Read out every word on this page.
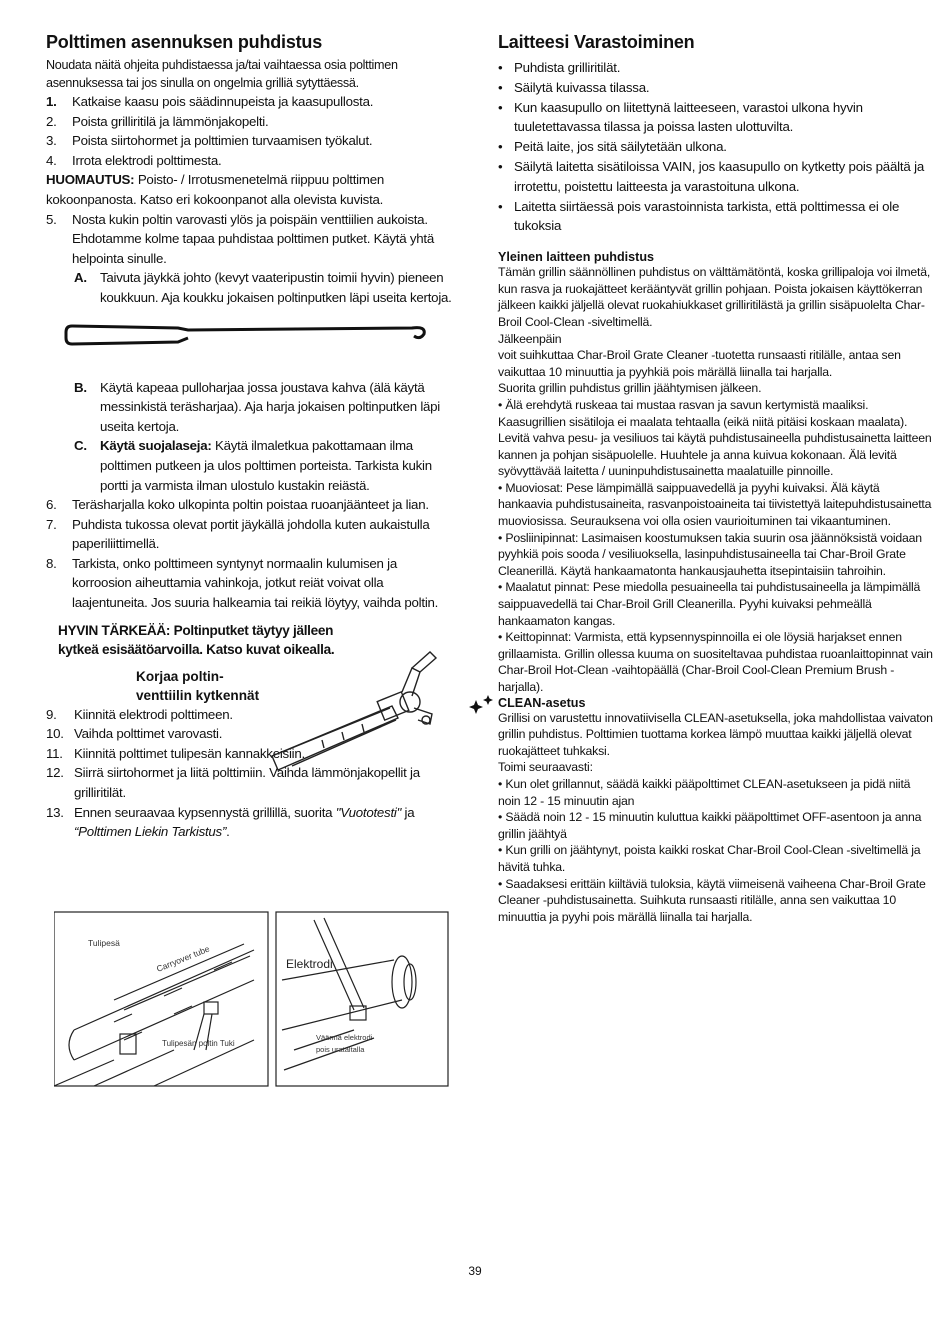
Polttimen asennuksen puhdistus
Noudata näitä ohjeita puhdistaessa ja/tai vaihtaessa osia polttimen asennuksessa tai jos sinulla on ongelmia grilliä sytyttäessä.
1.	Katkaise kaasu pois säädinnupeista ja kaasupullosta.
2.	Poista grilliritilä ja lämmönjakopelti.
3.	Poista siirtohormet ja polttimien turvaamisen työkalut.
4.	Irrota elektrodi polttimesta.
HUOMAUTUS: Poisto- / Irrotusmenetelmä riippuu polttimen kokoonpanosta. Katso eri kokoonpanot alla olevista kuvista.
5.	Nosta kukin poltin varovasti ylös ja poispäin venttiilien aukoista. Ehdotamme kolme tapaa puhdistaa polttimen putket. Käytä yhtä helpointa sinulle.
A. Taivuta jäykkä johto (kevyt vaateripustin toimii hyvin) pieneen koukkuun. Aja koukku jokaisen poltinputken läpi useita kertoja.
B. Käytä kapeaa pulloharjaa jossa joustava kahva (älä käytä messinkistä teräsharjaa). Aja harja jokaisen poltinputken läpi useita kertoja.
C. Käytä suojalaseja: Käytä ilmaletkua pakottamaan ilma polttimen putkeen ja ulos polttimen porteista. Tarkista kukin portti ja varmista ilman ulostulo kustakin reiästä.
6.	Teräsharjalla koko ulkopinta poltin poistaa ruoanjäänteet ja lian.
7.	Puhdista tukossa olevat portit jäykällä johdolla kuten aukaistulla paperiliittimellä.
8.	Tarkista, onko polttimeen syntynyt normaalin kulumisen ja korroosion aiheuttamia vahinkoja, jotkut reiät voivat olla laajentuneita. Jos suuria halkeamia tai reikiä löytyy, vaihda poltin.
HYVIN TÄRKEÄÄ: Poltinputket täytyy jälleen
kytkeä esisäätöarvoilla. Katso kuvat oikealla.
Korjaa poltin-
venttiilin kytkennät
9.	Kiinnitä elektrodi polttimeen.
10. Vaihda polttimet varovasti.
11. Kiinnitä polttimet tulipesän kannakkeisiin.
12. Siirrä siirtohormet ja liitä polttimiin. Vaihda lämmönjakopellit ja grilliritilät.
13. Ennen seuraavaa kypsennystä grillillä, suorita "Vuototesti" ja “Polttimen Liekin Tarkistus”.
Tulipesä
Carryover tube
Tulipesän poltin Tuki
Elektrodi
Väännä elektrodi
pois urataltalla
Laitteesi Varastoiminen
• Puhdista grilliritilät.
• Säilytä kuivassa tilassa.
• Kun kaasupullo on liitettynä laitteeseen, varastoi ulkona hyvin tuuletettavassa tilassa ja poissa lasten ulottuvilta.
• Peitä laite, jos sitä säilytetään ulkona.
• Säilytä laitetta sisätiloissa VAIN, jos kaasupullo on kytketty pois päältä ja irrotettu, poistettu laitteesta ja varastoituna ulkona.
• Laitetta siirtäessä pois varastoinnista tarkista, että polttimessa ei ole tukoksia
Yleinen laitteen puhdistus
Tämän grillin säännöllinen puhdistus on välttämätöntä, koska grillipaloja voi ilmetä, kun rasva ja ruokajätteet kerääntyvät grillin pohjaan. Poista jokaisen käyttökerran jälkeen kaikki jäljellä olevat ruokahiukkaset grilliritilästä ja grillin sisäpuolelta Char-Broil Cool-Clean -siveltimellä.
Jälkeenpäin
voit suihkuttaa Char-Broil Grate Cleaner -tuotetta runsaasti ritilälle, antaa sen vaikuttaa 10 minuuttia ja pyyhkiä pois märällä liinalla tai harjalla.
Suorita grillin puhdistus grillin jäähtymisen jälkeen.
• Älä erehdytä ruskeaa tai mustaa rasvan ja savun kertymistä maaliksi. Kaasugrillien sisätiloja ei maalata tehtaalla (eikä niitä pitäisi koskaan maalata). Levitä vahva pesu- ja vesiliuos tai käytä puhdistusaineella puhdistusainetta laitteen kannen ja pohjan sisäpuolelle. Huuhtele ja anna kuivua kokonaan. Älä levitä syövyttävää laitetta / uuninpuhdistusainetta maalatuille pinnoille.
• Muoviosat: Pese lämpimällä saippuavedellä ja pyyhi kuivaksi. Älä käytä hankaavia puhdistusaineita, rasvanpoistoaineita tai tiivistettyä laitepuhdistusainetta muoviosissa. Seurauksena voi olla osien vaurioituminen tai vikaantuminen.
• Posliinipinnat: Lasimaisen koostumuksen takia suurin osa jäännöksistä voidaan pyyhkiä pois sooda / vesiliuoksella, lasinpuhdistusaineella tai Char-Broil Grate Cleanerillä. Käytä hankaamatonta hankausjauhetta itsepintaisiin tahroihin.
• Maalatut pinnat: Pese miedolla pesuaineella tai puhdistusaineella ja lämpimällä saippuavedellä tai Char-Broil Grill Cleanerilla. Pyyhi kuivaksi pehmeällä
hankaamaton kangas.
• Keittopinnat: Varmista, että kypsennyspinnoilla ei ole löysiä harjakset ennen grillaamista. Grillin ollessa kuuma on suositeltavaa puhdistaa ruoanlaittopinnat vain Char-Broil Hot-Clean -vaihtopäällä (Char-Broil Cool-Clean Premium Brush -harjalla).
CLEAN-asetus
Grillisi on varustettu innovatiivisella CLEAN-asetuksella, joka mahdollistaa vaivaton grillin puhdistus. Polttimien tuottama korkea lämpö muuttaa kaikki jäljellä olevat ruokajätteet tuhkaksi.
Toimi seuraavasti:
• Kun olet grillannut, säädä kaikki pääpolttimet CLEAN-asetukseen ja pidä niitä noin 12 - 15 minuutin ajan
• Säädä noin 12 - 15 minuutin kuluttua kaikki pääpolttimet OFF-asentoon ja anna grillin jäähtyä
• Kun grilli on jäähtynyt, poista kaikki roskat Char-Broil Cool-Clean -siveltimellä ja hävitä tuhka.
• Saadaksesi erittäin kiiltäviä tuloksia, käytä viimeisenä vaiheena Char-Broil Grate Cleaner -puhdistusainetta. Suihkuta runsaasti ritilälle, anna sen vaikuttaa 10 minuuttia ja pyyhi pois märällä liinalla tai harjalla.
39
